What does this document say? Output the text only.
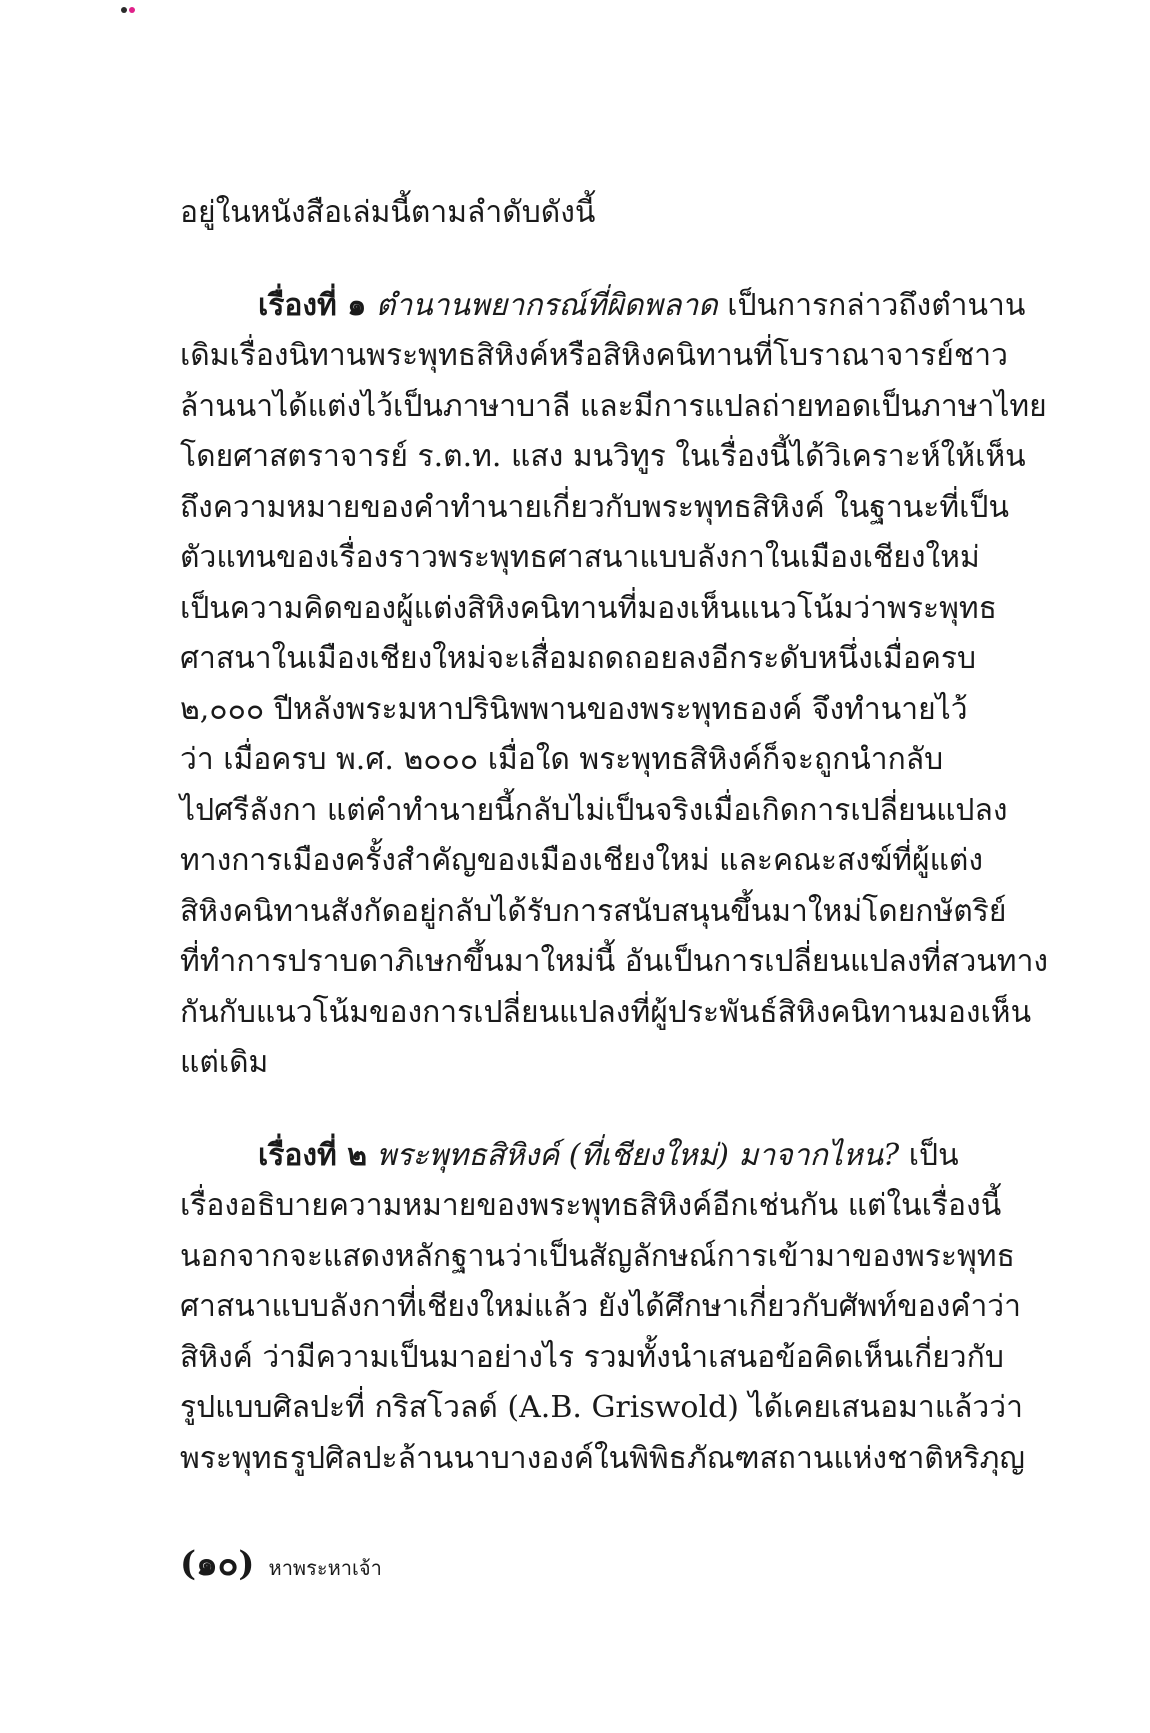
อยู่ในหนังสือเล่มนี้ตามลำดับดังนี้
เรื่องที่ ๑ ตำนานพยากรณ์ที่ผิดพลาด เป็นการกล่าวถึงตำนาน
เดิมเรื่องนิทานพระพุทธสิหิงค์หรือสิหิงคนิทานที่โบราณาจารย์ชาว
ล้านนาได้แต่งไว้เป็นภาษาบาลี และมีการแปลถ่ายทอดเป็นภาษาไทย
โดยศาสตราจารย์ ร.ต.ท. แสง มนวิทูร ในเรื่องนี้ได้วิเคราะห์ให้เห็น
ถึงความหมายของคำทำนายเกี่ยวกับพระพุทธสิหิงค์ ในฐานะที่เป็น
ตัวแทนของเรื่องราวพระพุทธศาสนาแบบลังกาในเมืองเชียงใหม่
เป็นความคิดของผู้แต่งสิหิงคนิทานที่มองเห็นแนวโน้มว่าพระพุทธ
ศาสนาในเมืองเชียงใหม่จะเสื่อมถดถอยลงอีกระดับหนึ่งเมื่อครบ
๒,๐๐๐ ปีหลังพระมหาปรินิพพานของพระพุทธองค์ จึงทำนายไว้
ว่า เมื่อครบ พ.ศ. ๒๐๐๐ เมื่อใด พระพุทธสิหิงค์ก็จะถูกนำกลับ
ไปศรีลังกา แต่คำทำนายนี้กลับไม่เป็นจริงเมื่อเกิดการเปลี่ยนแปลง
ทางการเมืองครั้งสำคัญของเมืองเชียงใหม่ และคณะสงฆ์ที่ผู้แต่ง
สิหิงคนิทานสังกัดอยู่กลับได้รับการสนับสนุนขึ้นมาใหม่โดยกษัตริย์
ที่ทำการปราบดาภิเษกขึ้นมาใหม่นี้ อันเป็นการเปลี่ยนแปลงที่สวนทาง
กันกับแนวโน้มของการเปลี่ยนแปลงที่ผู้ประพันธ์สิหิงคนิทานมองเห็น
แต่เดิม
เรื่องที่ ๒ พระพุทธสิหิงค์ (ที่เชียงใหม่) มาจากไหน? เป็น
เรื่องอธิบายความหมายของพระพุทธสิหิงค์อีกเช่นกัน แต่ในเรื่องนี้
นอกจากจะแสดงหลักฐานว่าเป็นสัญลักษณ์การเข้ามาของพระพุทธ
ศาสนาแบบลังกาที่เชียงใหม่แล้ว ยังได้ศึกษาเกี่ยวกับศัพท์ของคำว่า
สิหิงค์ ว่ามีความเป็นมาอย่างไร รวมทั้งนำเสนอข้อคิดเห็นเกี่ยวกับ
รูปแบบศิลปะที่ กริสโวลด์ (A.B. Griswold) ได้เคยเสนอมาแล้วว่า
พระพุทธรูปศิลปะล้านนาบางองค์ในพิพิธภัณฑสถานแห่งชาติหริภุญ
(๑๐) หาพระหาเจ้า
